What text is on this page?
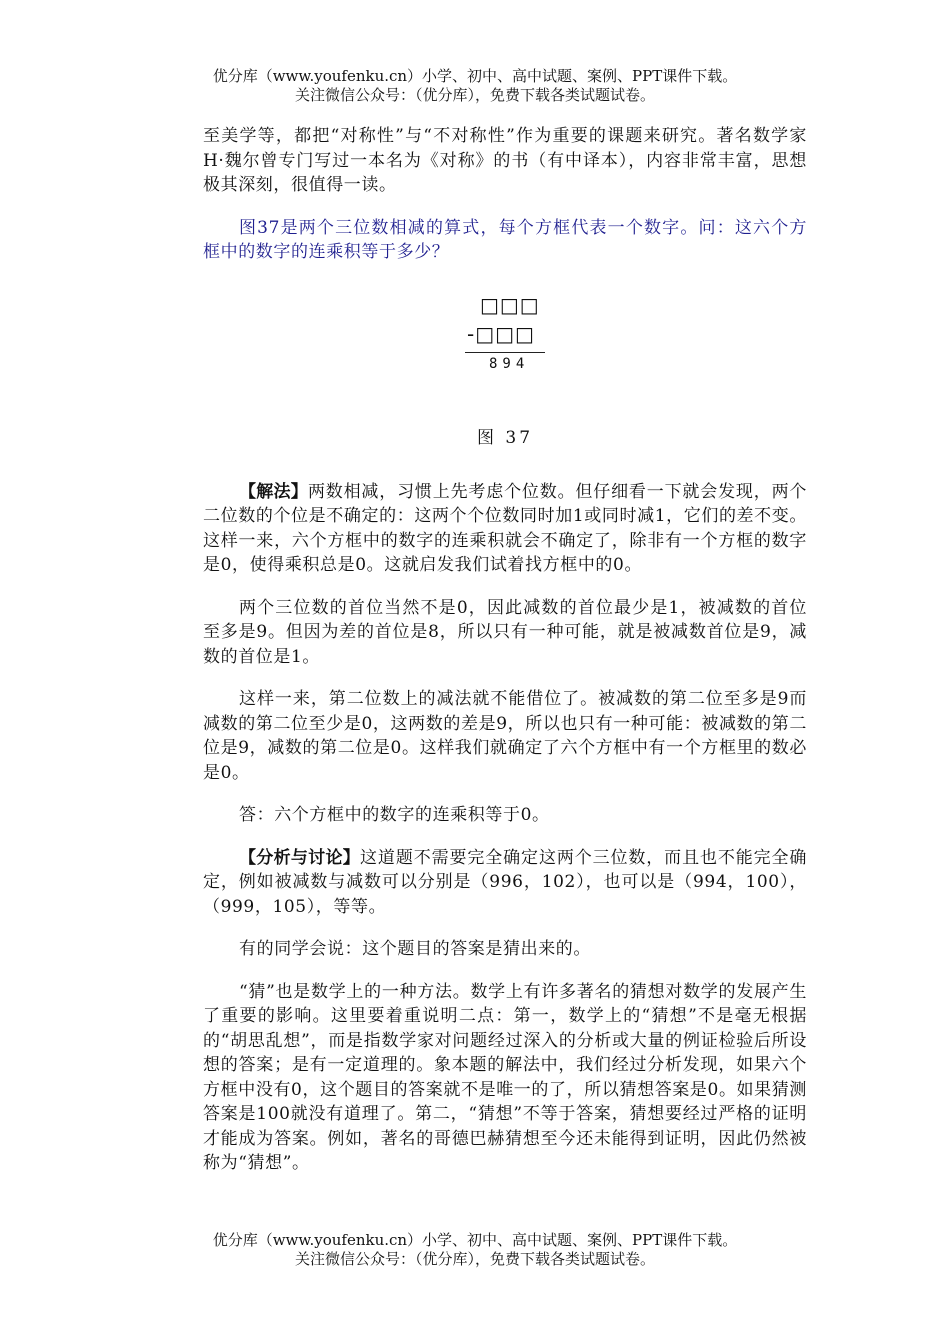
优分库（www.youfenku.cn）小学、初中、高中试题、案例、PPT课件下载。
关注微信公众号：（优分库），免费下载各类试题试卷。

至美学等，都把“对称性”与“不对称性”作为重要的课题来研究。著名数学家H·魏尔曾专门写过一本名为《对称》的书（有中译本），内容非常丰富，思想极其深刻，很值得一读。

图37是两个三位数相减的算式，每个方框代表一个数字。问：这六个方框中的数字的连乘积等于多少？

□□□
-□□□
894
图 37

【解法】两数相减，习惯上先考虑个位数。但仔细看一下就会发现，两个二位数的个位是不确定的：这两个个位数同时加1或同时减1，它们的差不变。这样一来，六个方框中的数字的连乘积就会不确定了，除非有一个方框的数字是0，使得乘积总是0。这就启发我们试着找方框中的0。

两个三位数的首位当然不是0，因此减数的首位最少是1，被减数的首位至多是9。但因为差的首位是8，所以只有一种可能，就是被减数首位是9，减数的首位是1。

这样一来，第二位数上的减法就不能借位了。被减数的第二位至多是9而减数的第二位至少是0，这两数的差是9，所以也只有一种可能：被减数的第二位是9，减数的第二位是0。这样我们就确定了六个方框中有一个方框里的数必是0。

答：六个方框中的数字的连乘积等于0。

【分析与讨论】这道题不需要完全确定这两个三位数，而且也不能完全确定，例如被减数与减数可以分别是（996，102），也可以是（994，100），（999，105），等等。

有的同学会说：这个题目的答案是猜出来的。

“猜”也是数学上的一种方法。数学上有许多著名的猜想对数学的发展产生了重要的影响。这里要着重说明二点：第一，数学上的“猜想”不是毫无根据的“胡思乱想”，而是指数学家对问题经过深入的分析或大量的例证检验后所设想的答案；是有一定道理的。象本题的解法中，我们经过分析发现，如果六个方框中没有0，这个题目的答案就不是唯一的了，所以猜想答案是0。如果猜测答案是100就没有道理了。第二，“猜想”不等于答案，猜想要经过严格的证明才能成为答案。例如，著名的哥德巴赫猜想至今还未能得到证明，因此仍然被称为“猜想”。

优分库（www.youfenku.cn）小学、初中、高中试题、案例、PPT课件下载。
关注微信公众号：（优分库），免费下载各类试题试卷。
